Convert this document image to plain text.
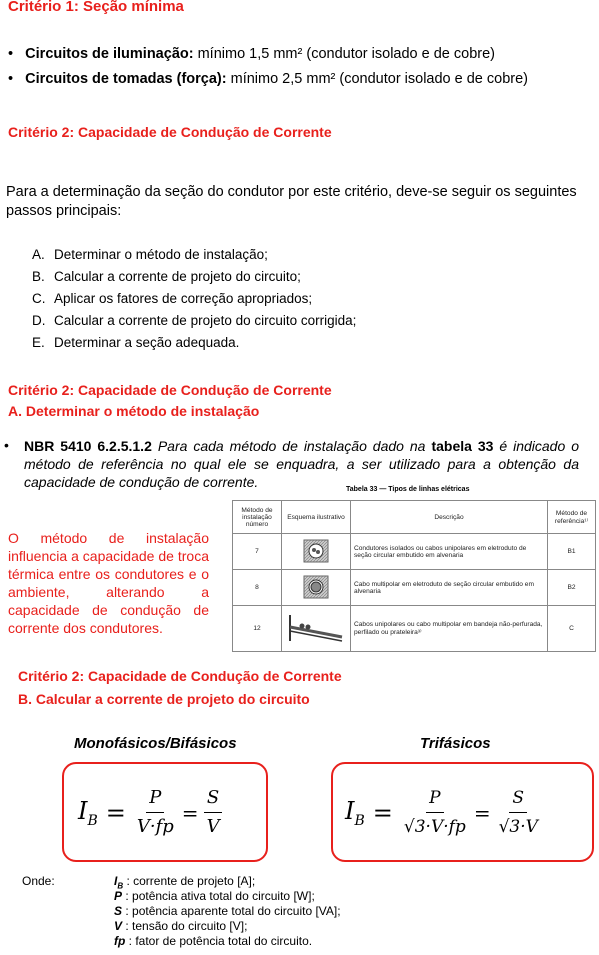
Critério 1: Seção mínima
•   Circuitos de iluminação: mínimo 1,5 mm² (condutor isolado e de cobre)
•   Circuitos de tomadas (força): mínimo 2,5 mm² (condutor isolado e de cobre)
Critério 2: Capacidade de Condução de Corrente
Para a determinação da seção do condutor por este critério, deve-se seguir os seguintes passos principais:
A. Determinar o método de instalação;
B. Calcular a corrente de projeto do circuito;
C. Aplicar os fatores de correção apropriados;
D. Calcular a corrente de projeto do circuito corrigida;
E. Determinar a seção adequada.
Critério 2: Capacidade de Condução de Corrente
A. Determinar o método de instalação
• NBR 5410 6.2.5.1.2 Para cada método de instalação dado na tabela 33 é indicado o método de referência no qual ele se enquadra, a ser utilizado para a obtenção da capacidade de condução de corrente.
O método de instalação influencia a capacidade de troca térmica entre os condutores e o ambiente, alterando a capacidade de condução de corrente dos condutores.
Tabela 33 — Tipos de linhas elétricas
Método de instalação número	Esquema ilustrativo	Descrição	Método de referência¹⁾
7		Condutores isolados ou cabos unipolares em eletroduto de seção circular embutido em alvenaria	B1
8		Cabo multipolar em eletroduto de seção circular embutido em alvenaria	B2
12		Cabos unipolares ou cabo multipolar em bandeja não-perfurada, perfilado ou prateleira³⁾	C
Critério 2: Capacidade de Condução de Corrente
B. Calcular a corrente de projeto do circuito
Monofásicos/Bifásicos	Trifásicos
$I_B = \frac{P}{V\cdot fp} = \frac{S}{V}$	$I_B = \frac{P}{√3\cdot V\cdot fp} = \frac{S}{√3\cdot V}$
Onde:	$I_B$ : corrente de projeto [A];
P : potência ativa total do circuito [W];
S : potência aparente total do circuito [VA];
V : tensão do circuito [V];
fp : fator de potência total do circuito.
